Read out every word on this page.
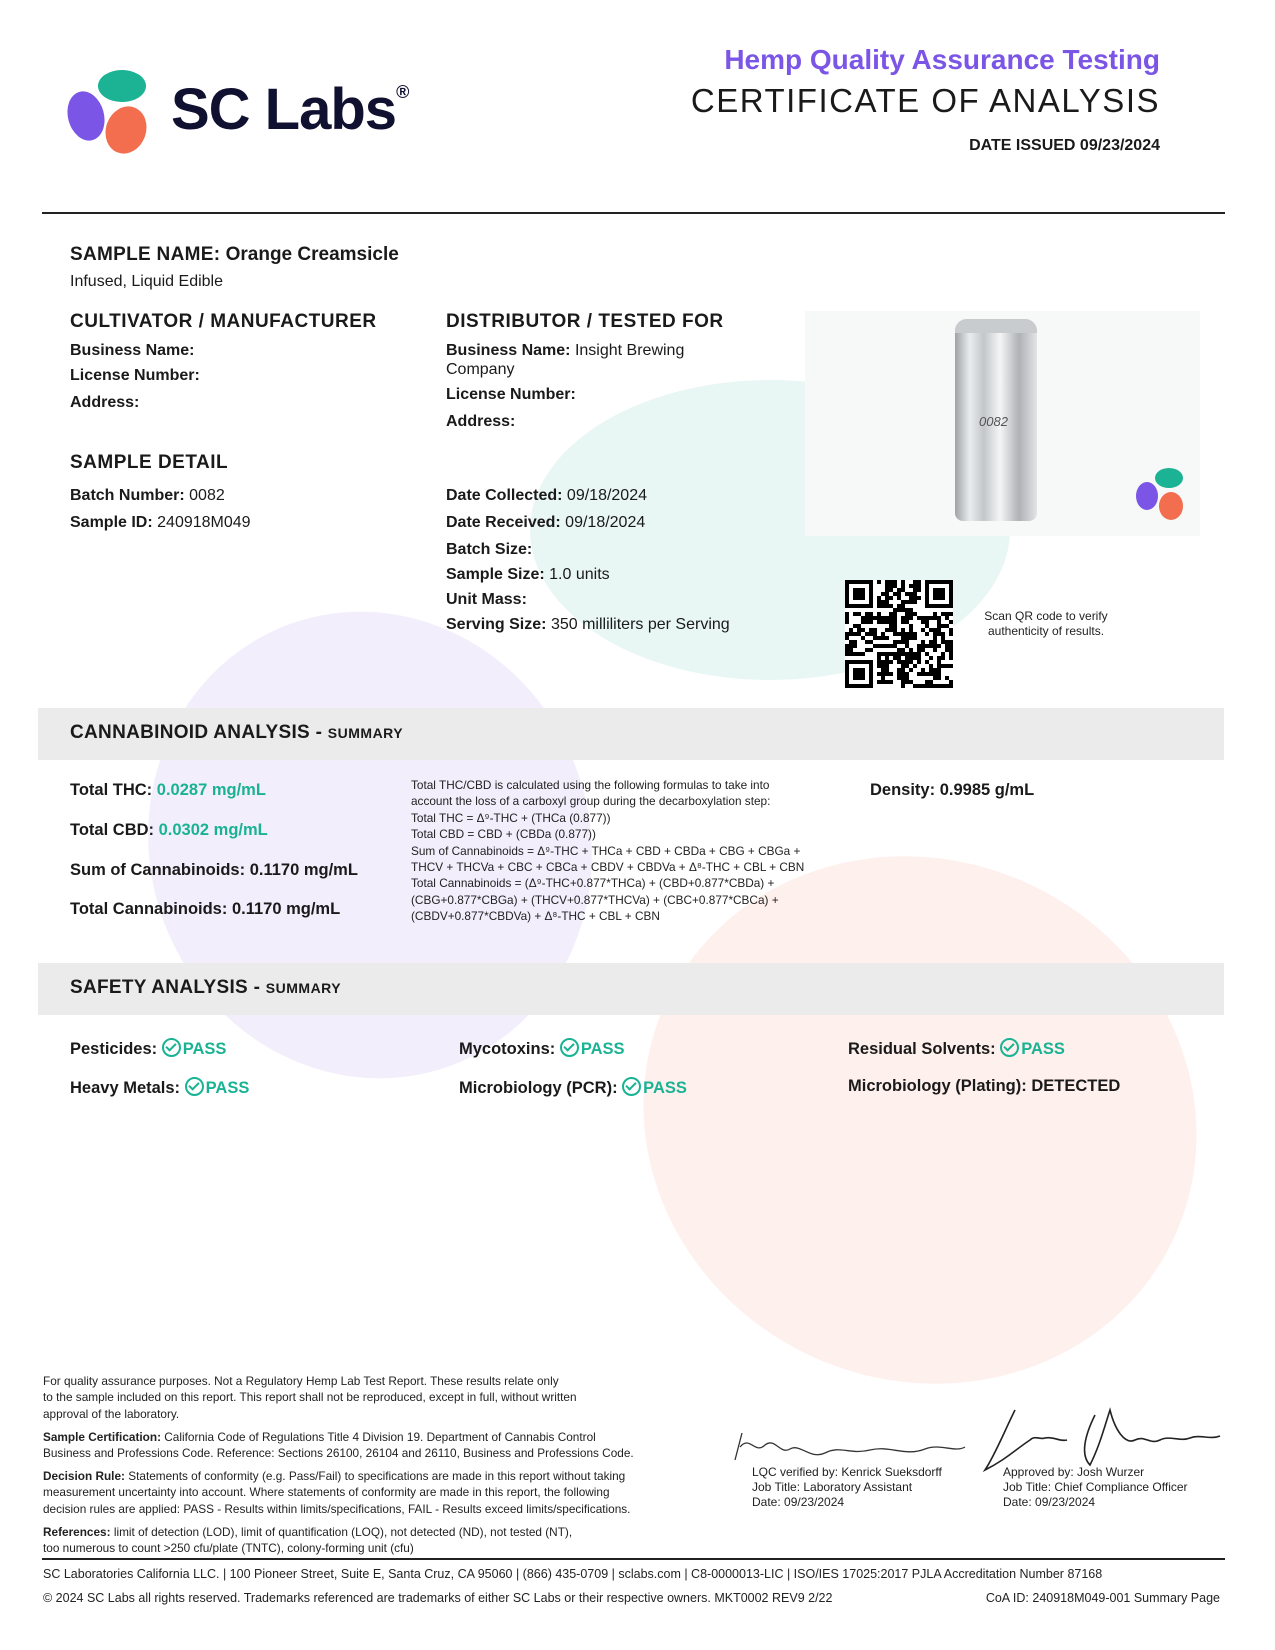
SC Labs®
Hemp Quality Assurance Testing
CERTIFICATE OF ANALYSIS
DATE ISSUED 09/23/2024
SAMPLE NAME: Orange Creamsicle
Infused, Liquid Edible
CULTIVATOR / MANUFACTURER
Business Name:
License Number:
Address:
DISTRIBUTOR / TESTED FOR
Business Name: Insight Brewing
Company
License Number:
Address:	0082
SAMPLE DETAIL
Batch Number: 0082
Sample ID: 240918M049
Date Collected: 09/18/2024
Date Received: 09/18/2024
Batch Size:
Sample Size: 1.0 units
Unit Mass:
Serving Size: 350 milliliters per Serving	Scan QR code to verify
authenticity of results.
CANNABINOID ANALYSIS - SUMMARY
Total THC: 0.0287 mg/mL
Total CBD: 0.0302 mg/mL
Sum of Cannabinoids: 0.1170 mg/mL
Total Cannabinoids: 0.1170 mg/mL
Total THC/CBD is calculated using the following formulas to take into
account the loss of a carboxyl group during the decarboxylation step:
Total THC = Δ⁹-THC + (THCa (0.877))
Total CBD = CBD + (CBDa (0.877))
Sum of Cannabinoids = Δ⁹-THC + THCa + CBD + CBDa + CBG + CBGa +
THCV + THCVa + CBC + CBCa + CBDV + CBDVa + Δ⁸-THC + CBL + CBN
Total Cannabinoids = (Δ⁹-THC+0.877*THCa) + (CBD+0.877*CBDa) +
(CBG+0.877*CBGa) + (THCV+0.877*THCVa) + (CBC+0.877*CBCa) +
(CBDV+0.877*CBDVa) + Δ⁸-THC + CBL + CBN
Density: 0.9985 g/mL
SAFETY ANALYSIS - SUMMARY
Pesticides: PASS	Mycotoxins: PASS	Residual Solvents: PASS
Heavy Metals: PASS	Microbiology (PCR): PASS	Microbiology (Plating): DETECTED
For quality assurance purposes. Not a Regulatory Hemp Lab Test Report. These results relate only
to the sample included on this report. This report shall not be reproduced, except in full, without written
approval of the laboratory.
Sample Certification: California Code of Regulations Title 4 Division 19. Department of Cannabis Control
Business and Professions Code. Reference: Sections 26100, 26104 and 26110, Business and Professions Code.
Decision Rule: Statements of conformity (e.g. Pass/Fail) to specifications are made in this report without taking
measurement uncertainty into account. Where statements of conformity are made in this report, the following
decision rules are applied: PASS - Results within limits/specifications, FAIL - Results exceed limits/specifications.
References: limit of detection (LOD), limit of quantification (LOQ), not detected (ND), not tested (NT),
too numerous to count >250 cfu/plate (TNTC), colony-forming unit (cfu)
LQC verified by: Kenrick Sueksdorff
Job Title: Laboratory Assistant
Date: 09/23/2024
Approved by: Josh Wurzer
Job Title: Chief Compliance Officer
Date: 09/23/2024
SC Laboratories California LLC. | 100 Pioneer Street, Suite E, Santa Cruz, CA 95060 | (866) 435-0709 | sclabs.com | C8-0000013-LIC | ISO/IES 17025:2017 PJLA Accreditation Number 87168
© 2024 SC Labs all rights reserved. Trademarks referenced are trademarks of either SC Labs or their respective owners. MKT0002 REV9 2/22	CoA ID: 240918M049-001 Summary Page
